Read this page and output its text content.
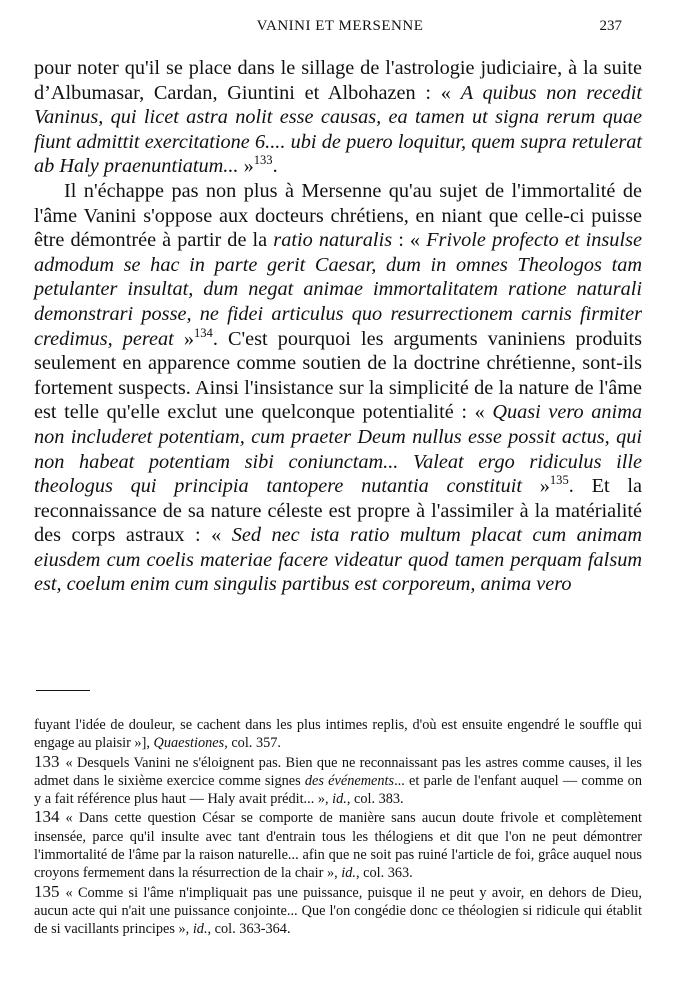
VANINI ET MERSENNE	237

pour noter qu'il se place dans le sillage de l'astrologie judiciaire, à la suite d’Albumasar, Cardan, Giuntini et Albohazen : « A quibus non recedit Vaninus, qui licet astra nolit esse causas, ea tamen ut signa rerum quae fiunt admittit exercitatione 6.... ubi de puero loquitur, quem supra retulerat ab Haly praenuntiatum... »$^{133}$.

Il n'échappe pas non plus à Mersenne qu'au sujet de l'immortalité de l'âme Vanini s'oppose aux docteurs chrétiens, en niant que celle-ci puisse être démontrée à partir de la ratio naturalis : « Frivole profecto et insulse admodum se hac in parte gerit Caesar, dum in omnes Theologos tam petulanter insultat, dum negat animae immortalitatem ratione naturali demonstrari posse, ne fidei articulus quo resurrectionem carnis firmiter credimus, pereat »$^{134}$. C'est pourquoi les arguments vaniniens produits seulement en apparence comme soutien de la doctrine chrétienne, sont-ils fortement suspects. Ainsi l'insistance sur la simplicité de la nature de l'âme est telle qu'elle exclut une quelconque potentialité : « Quasi vero anima non includeret potentiam, cum praeter Deum nullus esse possit actus, qui non habeat potentiam sibi coniunctam... Valeat ergo ridiculus ille theologus qui principia tantopere nutantia constituit »$^{135}$. Et la reconnaissance de sa nature céleste est propre à l'assimiler à la matérialité des corps astraux : « Sed nec ista ratio multum placat cum animam eiusdem cum coelis materiae facere videatur quod tamen perquam falsum est, coelum enim cum singulis partibus est corporeum, anima vero

fuyant l'idée de douleur, se cachent dans les plus intimes replis, d'où est ensuite engendré le souffle qui engage au plaisir »], Quaestiones, col. 357.

133 « Desquels Vanini ne s'éloignent pas. Bien que ne reconnaissant pas les astres comme causes, il les admet dans le sixième exercice comme signes des événements... et parle de l'enfant auquel — comme on y a fait référence plus haut — Haly avait prédit... », id., col. 383.

134 « Dans cette question César se comporte de manière sans aucun doute frivole et complètement insensée, parce qu'il insulte avec tant d'entrain tous les thélogiens et dit que l'on ne peut démontrer l'immortalité de l'âme par la raison naturelle... afin que ne soit pas ruiné l'article de foi, grâce auquel nous croyons fermement dans la résurrection de la chair », id., col. 363.

135 « Comme si l'âme n'impliquait pas une puissance, puisque il ne peut y avoir, en dehors de Dieu, aucun acte qui n'ait une puissance conjointe... Que l'on congédie donc ce théologien si ridicule qui établit de si vacillants principes », id., col. 363-364.
